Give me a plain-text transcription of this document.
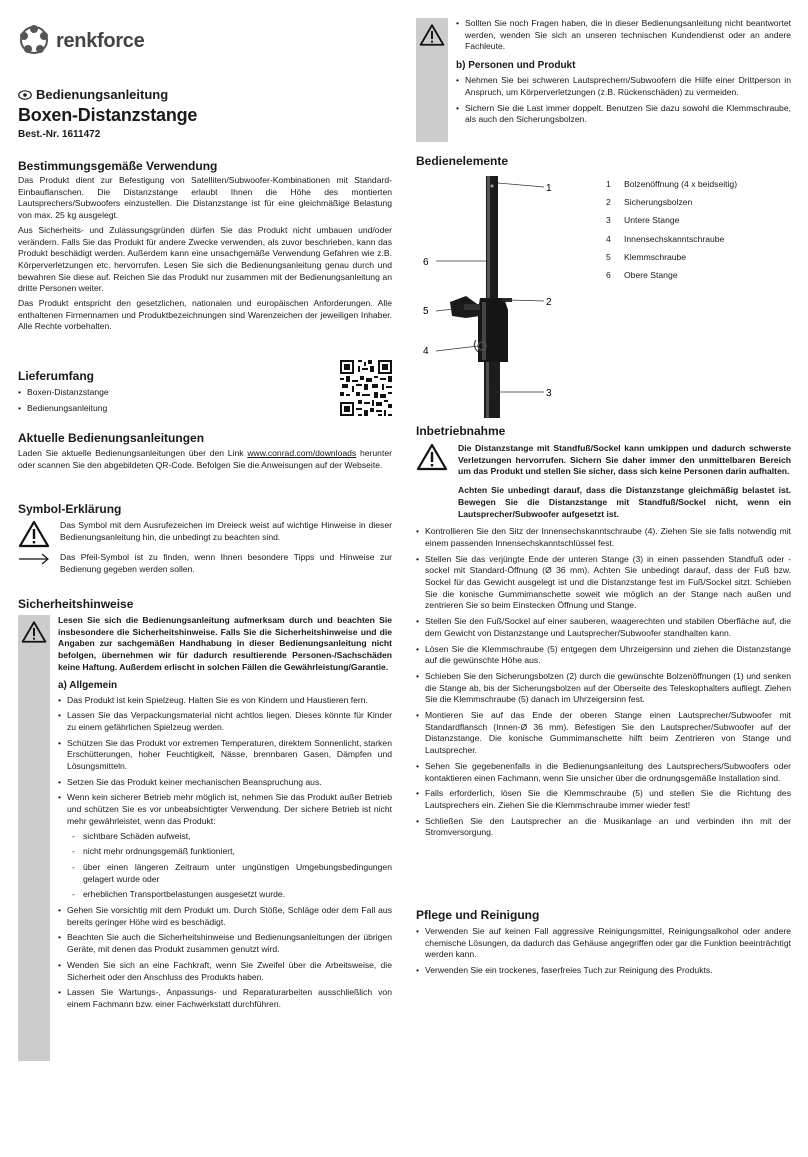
renkforce
Bedienungsanleitung
Boxen-Distanzstange
Best.-Nr. 1611472
Bestimmungsgemäße Verwendung

Das Produkt dient zur Befestigung von Satelliten/Subwoofer-Kombinationen mit Standard-Einbauflanschen. Die Distanzstange erlaubt Ihnen die Höhe des montierten Lautsprechers/Subwoofers einzustellen. Die Distanzstange ist für eine gleichmäßige Belastung von max. 25 kg ausgelegt.

Aus Sicherheits- und Zulassungsgründen dürfen Sie das Produkt nicht umbauen und/oder verändern. Falls Sie das Produkt für andere Zwecke verwenden, als zuvor beschrieben, kann das Produkt beschädigt werden. Außerdem kann eine unsachgemäße Verwendung Gefahren wie z.B. Körperverletzungen etc. hervorrufen. Lesen Sie sich die Bedienungsanleitung genau durch und bewahren Sie diese auf. Reichen Sie das Produkt nur zusammen mit der Bedienungsanleitung an dritte Personen weiter.

Das Produkt entspricht den gesetzlichen, nationalen und europäischen Anforderungen. Alle enthaltenen Firmennamen und Produktbezeichnungen sind Warenzeichen der jeweiligen Inhaber. Alle Rechte vorbehalten.

Lieferumfang
• Boxen-Distanzstange
• Bedienungsanleitung
Aktuelle Bedienungsanleitungen

Laden Sie aktuelle Bedienungsanleitungen über den Link www.conrad.com/downloads herunter oder scannen Sie den abgebildeten QR-Code. Befolgen Sie die Anweisungen auf der Webseite.

Symbol-Erklärung

Das Symbol mit dem Ausrufezeichen im Dreieck weist auf wichtige Hinweise in dieser Bedienungsanleitung hin, die unbedingt zu beachten sind.

Das Pfeil-Symbol ist zu finden, wenn Ihnen besondere Tipps und Hinweise zur Bedienung gegeben werden sollen.

Sicherheitshinweise

Lesen Sie sich die Bedienungsanleitung aufmerksam durch und beachten Sie insbesondere die Sicherheitshinweise. Falls Sie die Sicherheitshinweise und die Angaben zur sachgemäßen Handhabung in dieser Bedienungsanleitung nicht befolgen, übernehmen wir für dadurch resultierende Personen-/Sachschäden keine Haftung. Außerdem erlischt in solchen Fällen die Gewährleistung/Garantie.

a) Allgemein
• Das Produkt ist kein Spielzeug. Halten Sie es von Kindern und Haustieren fern.
• Lassen Sie das Verpackungsmaterial nicht achtlos liegen. Dieses könnte für Kinder zu einem gefährlichen Spielzeug werden.
• Schützen Sie das Produkt vor extremen Temperaturen, direktem Sonnenlicht, starken Erschütterungen, hoher Feuchtigkeit, Nässe, brennbaren Gasen, Dämpfen und Lösungsmitteln.
• Setzen Sie das Produkt keiner mechanischen Beanspruchung aus.
• Wenn kein sicherer Betrieb mehr möglich ist, nehmen Sie das Produkt außer Betrieb und schützen Sie es vor unbeabsichtigter Verwendung. Der sichere Betrieb ist nicht mehr gewährleistet, wenn das Produkt:
- sichtbare Schäden aufweist,
- nicht mehr ordnungsgemäß funktioniert,
- über einen längeren Zeitraum unter ungünstigen Umgebungsbedingungen gelagert wurde oder
- erheblichen Transportbelastungen ausgesetzt wurde.
• Gehen Sie vorsichtig mit dem Produkt um. Durch Stöße, Schläge oder dem Fall aus bereits geringer Höhe wird es beschädigt.
• Beachten Sie auch die Sicherheitshinweise und Bedienungsanleitungen der übrigen Geräte, mit denen das Produkt zusammen genutzt wird.
• Wenden Sie sich an eine Fachkraft, wenn Sie Zweifel über die Arbeitsweise, die Sicherheit oder den Anschluss des Produkts haben.
• Lassen Sie Wartungs-, Anpassungs- und Reparaturarbeiten ausschließlich von einem Fachmann bzw. einer Fachwerkstatt durchführen.
• Sollten Sie noch Fragen haben, die in dieser Bedienungsanleitung nicht beantwortet werden, wenden Sie sich an unseren technischen Kundendienst oder an andere Fachleute.
b) Personen und Produkt
• Nehmen Sie bei schweren Lautsprechern/Subwoofern die Hilfe einer Drittperson in Anspruch, um Körperverletzungen (z.B. Rückenschäden) zu vermeiden.
• Sichern Sie die Last immer doppelt. Benutzen Sie dazu sowohl die Klemmschraube, als auch den Sicherungsbolzen.
Bedienelemente
1
2
3
6
5
4
1	Bolzenöffnung (4 x beidseitig)
2	Sicherungsbolzen
3	Untere Stange
4	Innensechskanntschraube
5	Klemmschraube
6	Obere Stange
Inbetriebnahme

Die Distanzstange mit Standfuß/Sockel kann umkippen und dadurch schwerste Verletzungen hervorrufen. Sichern Sie daher immer den unmittelbaren Bereich um das Produkt und stellen Sie sicher, dass sich keine Personen darin aufhalten.

Achten Sie unbedingt darauf, dass die Distanzstange gleichmäßig belastet ist. Bewegen Sie die Distanzstange mit Standfuß/Sockel nicht, wenn ein Lautsprecher/Subwoofer aufgesetzt ist.

• Kontrollieren Sie den Sitz der Innensechskanntschraube (4). Ziehen Sie sie falls notwendig mit einem passenden Innensechskanntschlüssel fest.
• Stellen Sie das verjüngte Ende der unteren Stange (3) in einen passenden Standfuß oder -sockel mit Standard-Öffnung (Ø 36 mm). Achten Sie unbedingt darauf, dass der Fuß bzw. Sockel für das Gewicht ausgelegt ist und die Distanzstange fest im Fuß/Sockel sitzt. Schieben Sie die konische Gummimanschette soweit wie möglich an der Stange nach außen und zentrieren Sie so beim Einstecken Öffnung und Stange.
• Stellen Sie den Fuß/Sockel auf einer sauberen, waagerechten und stabilen Oberfläche auf, die dem Gewicht von Distanzstange und Lautsprecher/Subwoofer standhalten kann.
• Lösen Sie die Klemmschraube (5) entgegen dem Uhrzeigersinn und ziehen die Distanzstange auf die gewünschte Höhe aus.
• Schieben Sie den Sicherungsbolzen (2) durch die gewünschte Bolzenöffnungen (1) und senken die Stange ab, bis der Sicherungsbolzen auf der Oberseite des Teleskophalters aufliegt. Ziehen Sie die Klemmschraube (5) danach im Uhrzeigersinn fest.
• Montieren Sie auf das Ende der oberen Stange einen Lautsprecher/Subwoofer mit Standardflansch (Innen-Ø 36 mm). Befestigen Sie den Lautsprecher/Subwoofer auf der Distanzstange. Die konische Gummimanschette hilft beim Zentrieren von Stange und Lautsprecher.
• Sehen Sie gegebenenfalls in die Bedienungsanleitung des Lautsprechers/Subwoofers oder kontaktieren einen Fachmann, wenn Sie unsicher über die ordnungsgemäße Installation sind.
• Falls erforderlich, lösen Sie die Klemmschraube (5) und stellen Sie die Richtung des Lautsprechers ein. Ziehen Sie die Klemmschraube immer wieder fest!
• Schließen Sie den Lautsprecher an die Musikanlage an und verbinden ihn mit der Stromversorgung.
Pflege und Reinigung
• Verwenden Sie auf keinen Fall aggressive Reinigungsmittel, Reinigungsalkohol oder andere chemische Lösungen, da dadurch das Gehäuse angegriffen oder gar die Funktion beeinträchtigt werden kann.
• Verwenden Sie ein trockenes, faserfreies Tuch zur Reinigung des Produkts.
